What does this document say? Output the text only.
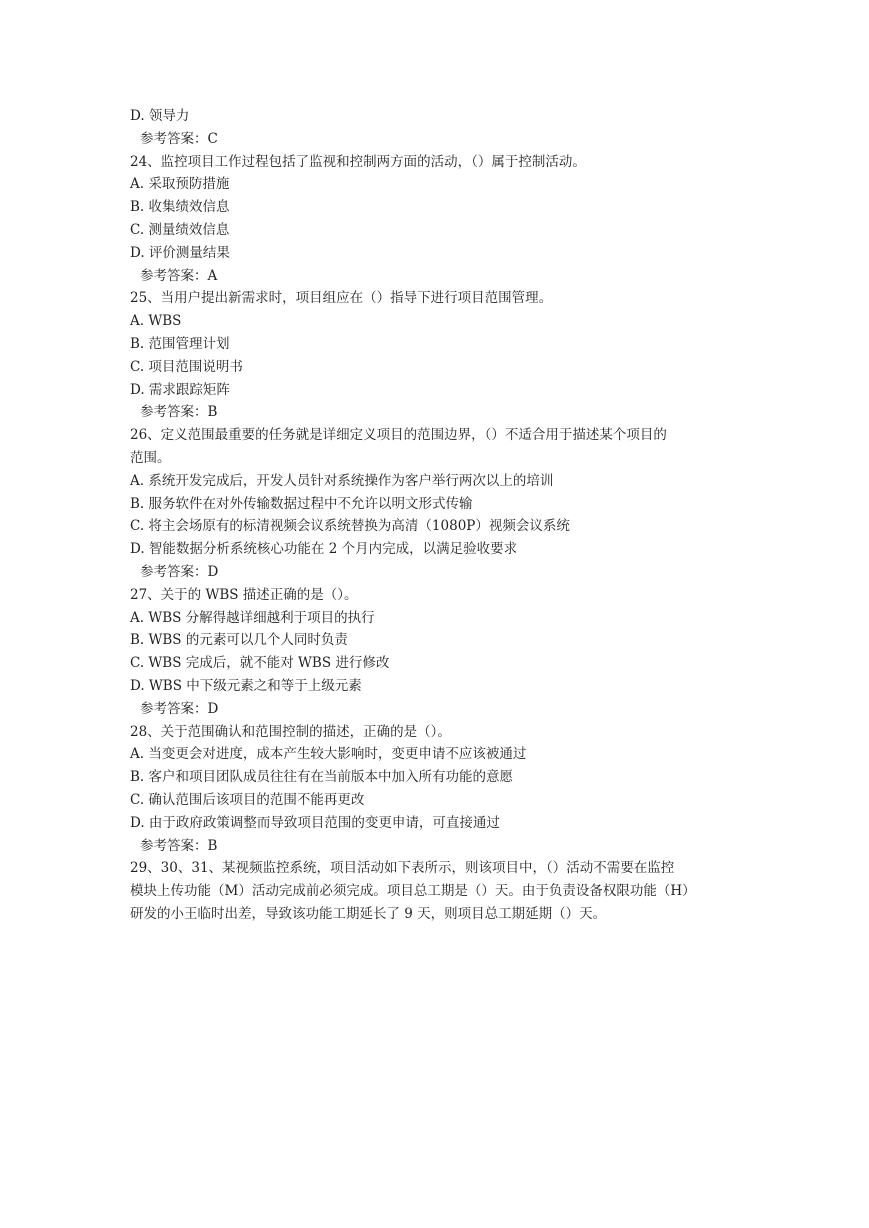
D. 领导力
参考答案：C
24、监控项目工作过程包括了监视和控制两方面的活动，（）属于控制活动。
A. 采取预防措施
B. 收集绩效信息
C. 测量绩效信息
D. 评价测量结果
参考答案：A
25、当用户提出新需求时，项目组应在（）指导下进行项目范围管理。
A. WBS
B. 范围管理计划
C. 项目范围说明书
D. 需求跟踪矩阵
参考答案：B
26、定义范围最重要的任务就是详细定义项目的范围边界，（）不适合用于描述某个项目的
范围。
A. 系统开发完成后，开发人员针对系统操作为客户举行两次以上的培训
B. 服务软件在对外传输数据过程中不允许以明文形式传输
C. 将主会场原有的标清视频会议系统替换为高清（1080P）视频会议系统
D. 智能数据分析系统核心功能在 2 个月内完成，以满足验收要求
参考答案：D
27、关于的 WBS 描述正确的是（）。
A. WBS 分解得越详细越利于项目的执行
B. WBS 的元素可以几个人同时负责
C. WBS 完成后，就不能对 WBS 进行修改
D. WBS 中下级元素之和等于上级元素
参考答案：D
28、关于范围确认和范围控制的描述，正确的是（）。
A. 当变更会对进度，成本产生较大影响时，变更申请不应该被通过
B. 客户和项目团队成员往往有在当前版本中加入所有功能的意愿
C. 确认范围后该项目的范围不能再更改
D. 由于政府政策调整而导致项目范围的变更申请，可直接通过
参考答案：B
29、30、31、某视频监控系统，项目活动如下表所示，则该项目中，（）活动不需要在监控
模块上传功能（M）活动完成前必须完成。项目总工期是（）天。由于负责设备权限功能（H）
研发的小王临时出差，导致该功能工期延长了 9 天，则项目总工期延期（）天。
